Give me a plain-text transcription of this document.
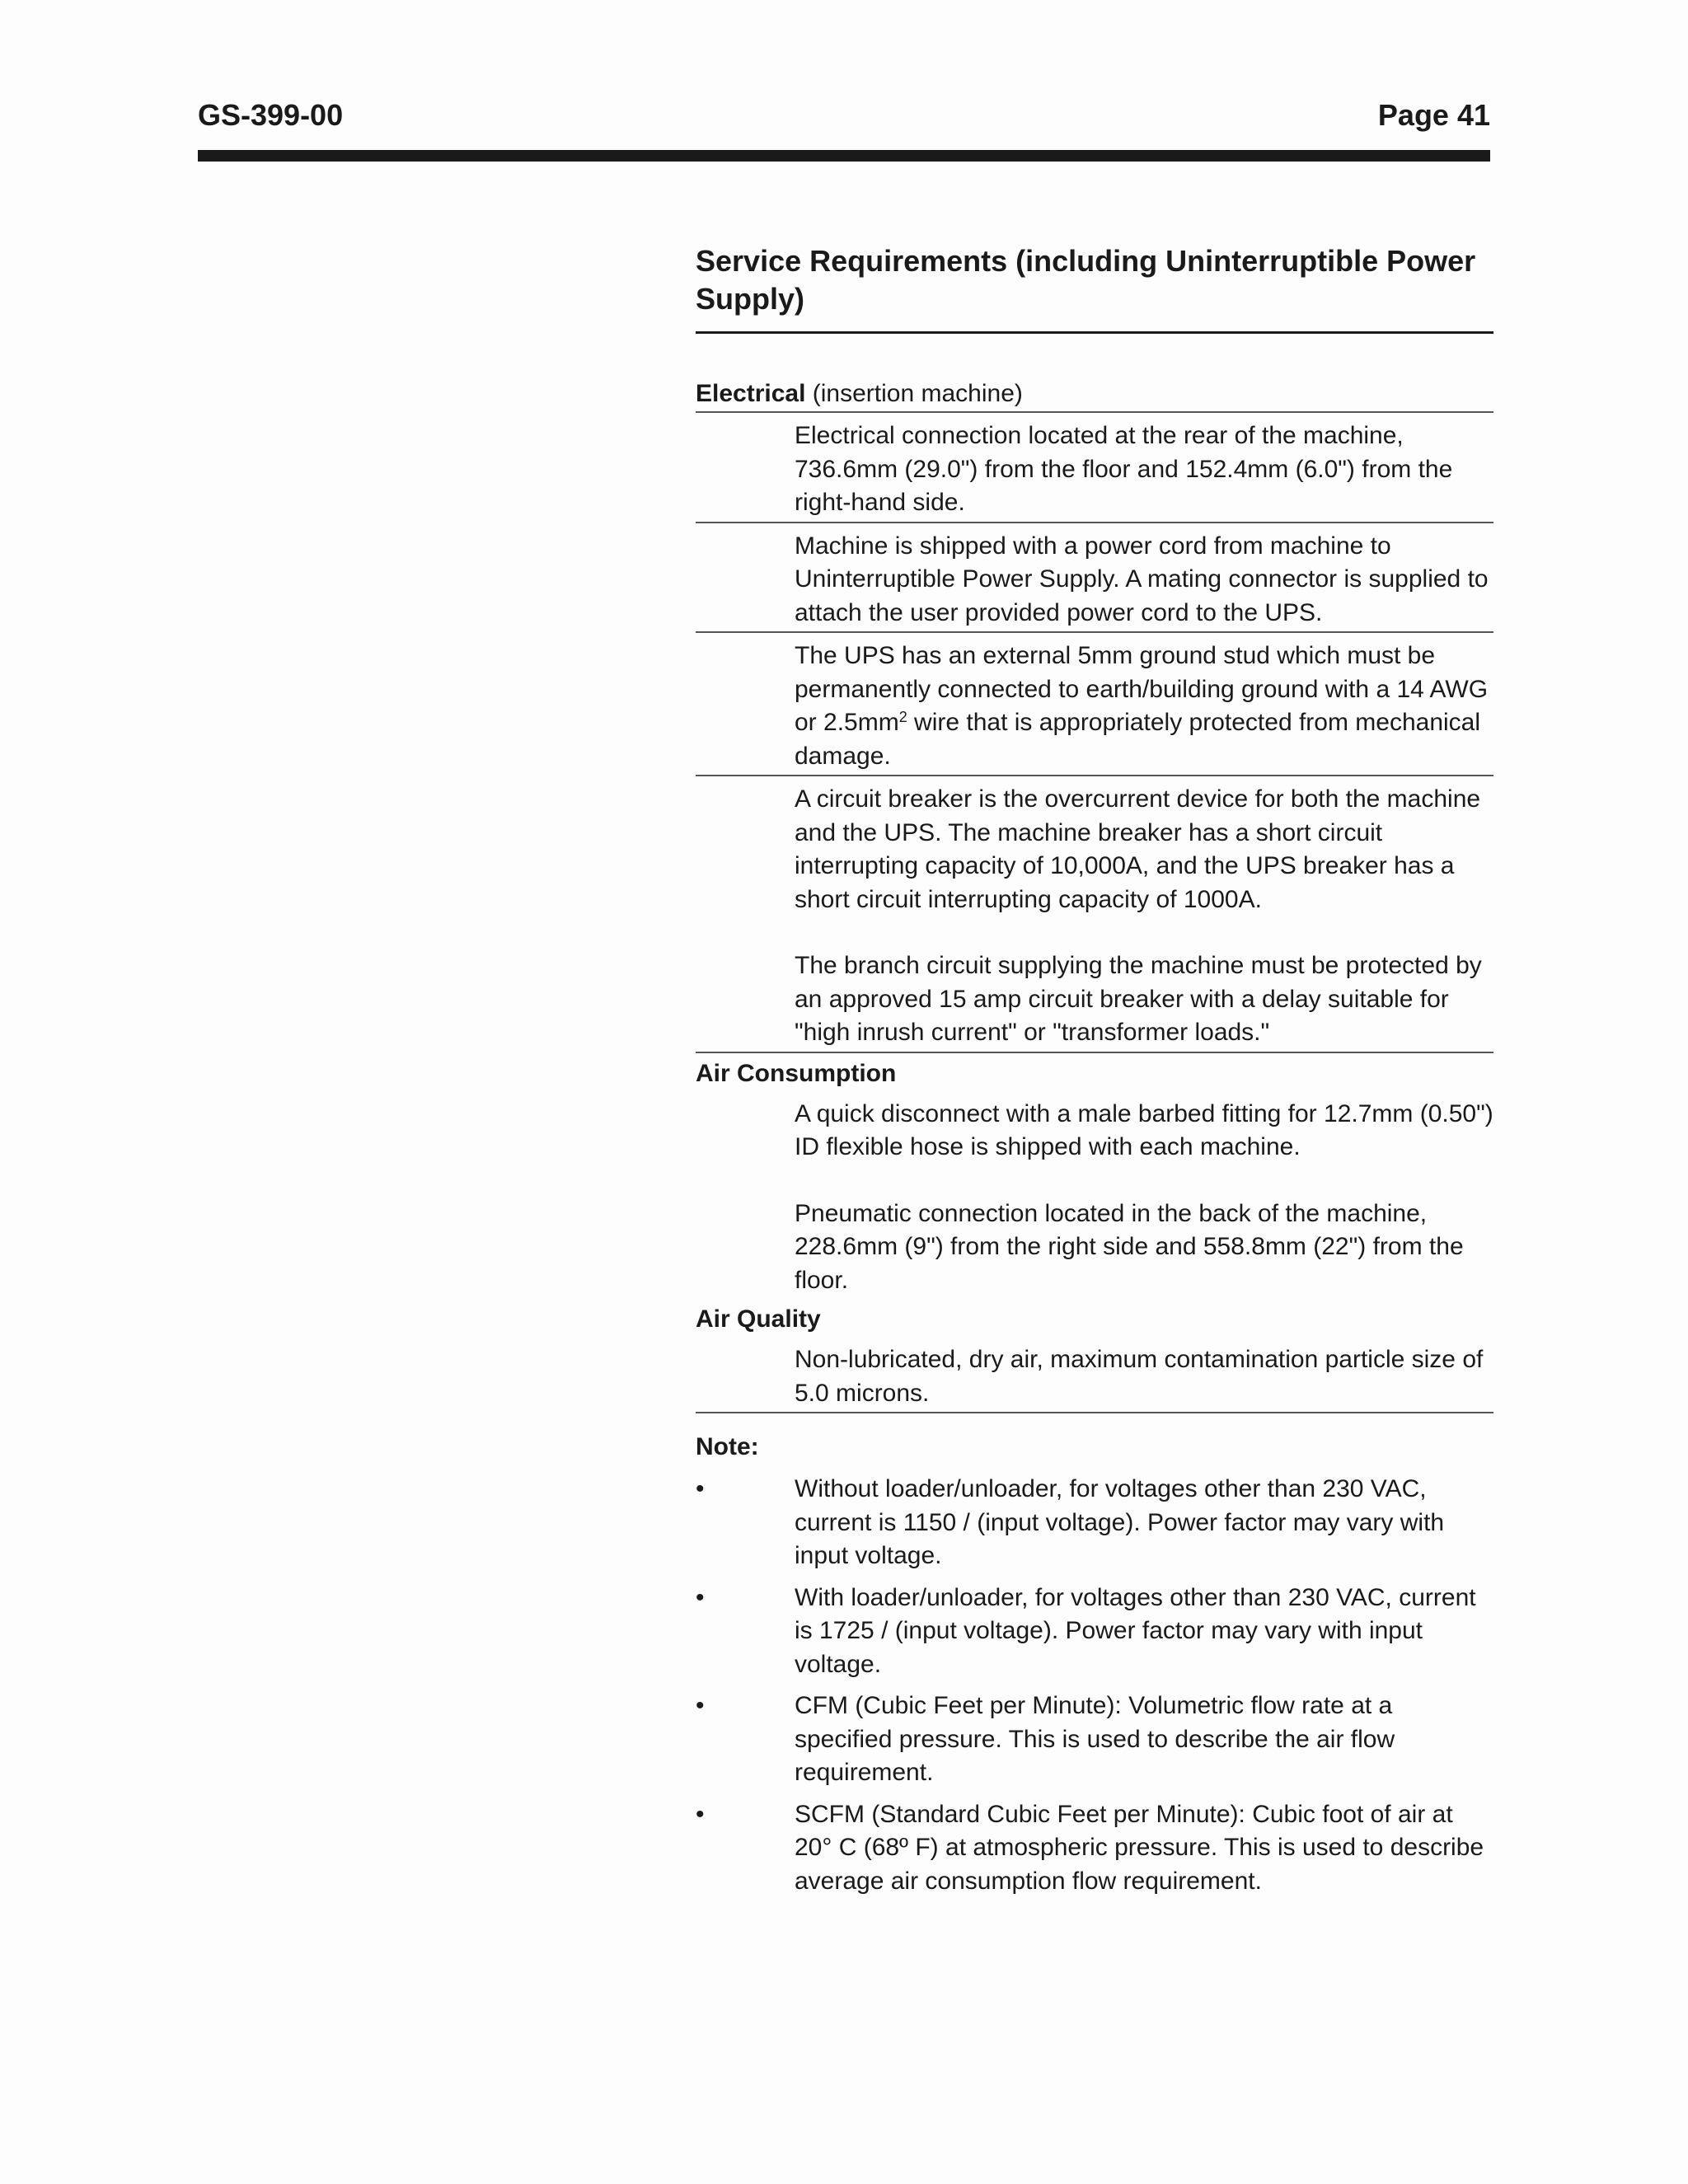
GS-399-00	Page 41
Service Requirements (including Uninterruptible Power Supply)
Electrical (insertion machine)

Electrical connection located at the rear of the machine, 736.6mm (29.0") from the floor and 152.4mm (6.0") from the right-hand side.

Machine is shipped with a power cord from machine to Uninterruptible Power Supply. A mating connector is supplied to attach the user provided power cord to the UPS.

The UPS has an external 5mm ground stud which must be permanently connected to earth/building ground with a 14 AWG or $2.5mm^2$ wire that is appropriately protected from mechanical damage.

A circuit breaker is the overcurrent device for both the machine and the UPS. The machine breaker has a short circuit interrupting capacity of 10,000A, and the UPS breaker has a short circuit interrupting capacity of 1000A.

The branch circuit supplying the machine must be protected by an approved 15 amp circuit breaker with a delay suitable for "high inrush current" or "transformer loads."

Air Consumption

A quick disconnect with a male barbed fitting for 12.7mm (0.50") ID flexible hose is shipped with each machine.

Pneumatic connection located in the back of the machine, 228.6mm (9") from the right side and 558.8mm (22") from the floor.

Air Quality

Non-lubricated, dry air, maximum contamination particle size of 5.0 microns.

Note:
•	Without loader/unloader, for voltages other than 230 VAC, current is 1150 / (input voltage). Power factor may vary with input voltage.
•	With loader/unloader, for voltages other than 230 VAC, current is 1725 / (input voltage). Power factor may vary with input voltage.
•	CFM (Cubic Feet per Minute): Volumetric flow rate at a specified pressure. This is used to describe the air flow requirement.
•	SCFM (Standard Cubic Feet per Minute): Cubic foot of air at 20° C (68º F) at atmospheric pressure. This is used to describe average air consumption flow requirement.
